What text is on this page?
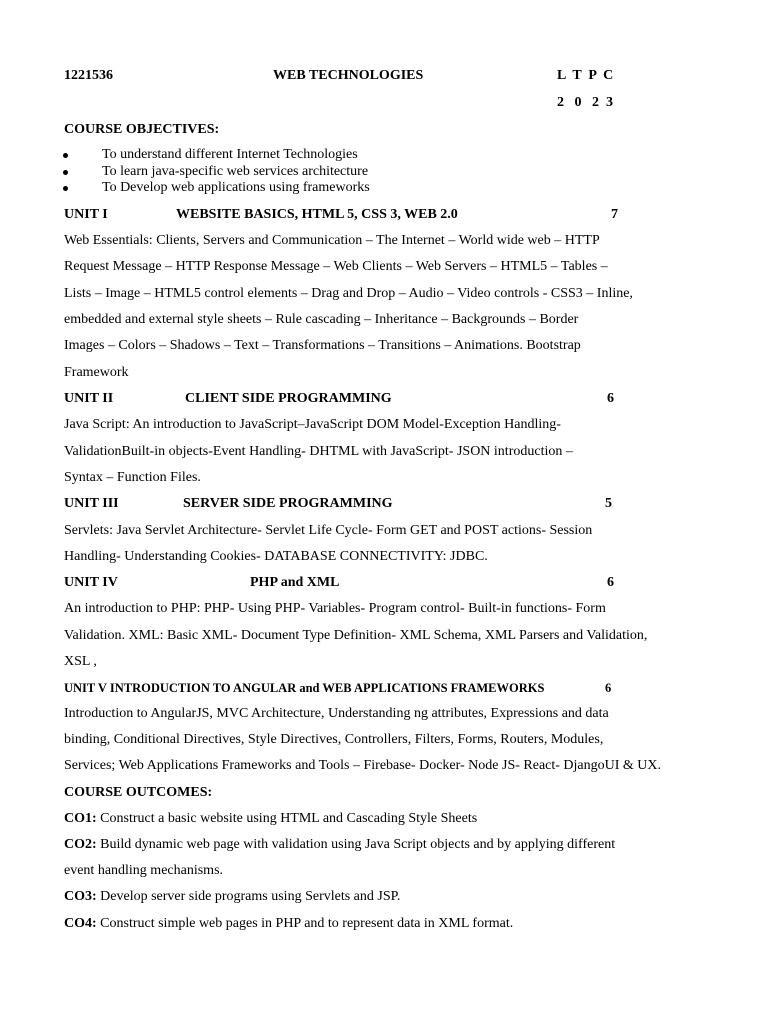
1221536	WEB TECHNOLOGIES	L  T  P  C
2   0   2  3
COURSE OBJECTIVES:
To understand different Internet Technologies
To learn java-specific web services architecture
To Develop web applications using frameworks
UNIT I	WEBSITE BASICS, HTML 5, CSS 3, WEB 2.0	7
Web Essentials: Clients, Servers and Communication – The Internet – World wide web – HTTP
Request Message – HTTP Response Message – Web Clients – Web Servers – HTML5 – Tables –
Lists – Image – HTML5 control elements – Drag and Drop – Audio – Video controls - CSS3 – Inline,
embedded and external style sheets – Rule cascading – Inheritance – Backgrounds – Border
Images – Colors – Shadows – Text – Transformations – Transitions – Animations. Bootstrap
Framework
UNIT II	CLIENT SIDE PROGRAMMING	6
Java Script: An introduction to JavaScript–JavaScript DOM Model-Exception Handling-
ValidationBuilt-in objects-Event Handling- DHTML with JavaScript- JSON introduction –
Syntax – Function Files.
UNIT III	SERVER SIDE PROGRAMMING	5
Servlets: Java Servlet Architecture- Servlet Life Cycle- Form GET and POST actions- Session
Handling- Understanding Cookies- DATABASE CONNECTIVITY: JDBC.
UNIT IV	PHP and XML	6
An introduction to PHP: PHP- Using PHP- Variables- Program control- Built-in functions- Form
Validation. XML: Basic XML- Document Type Definition- XML Schema, XML Parsers and Validation,
XSL ,
UNIT V INTRODUCTION TO ANGULAR and WEB APPLICATIONS FRAMEWORKS	6
Introduction to AngularJS, MVC Architecture, Understanding ng attributes, Expressions and data
binding, Conditional Directives, Style Directives, Controllers, Filters, Forms, Routers, Modules,
Services; Web Applications Frameworks and Tools – Firebase- Docker- Node JS- React- DjangoUI & UX.
COURSE OUTCOMES:
CO1: Construct a basic website using HTML and Cascading Style Sheets
CO2: Build dynamic web page with validation using Java Script objects and by applying different
event handling mechanisms.
CO3: Develop server side programs using Servlets and JSP.
CO4: Construct simple web pages in PHP and to represent data in XML format.
